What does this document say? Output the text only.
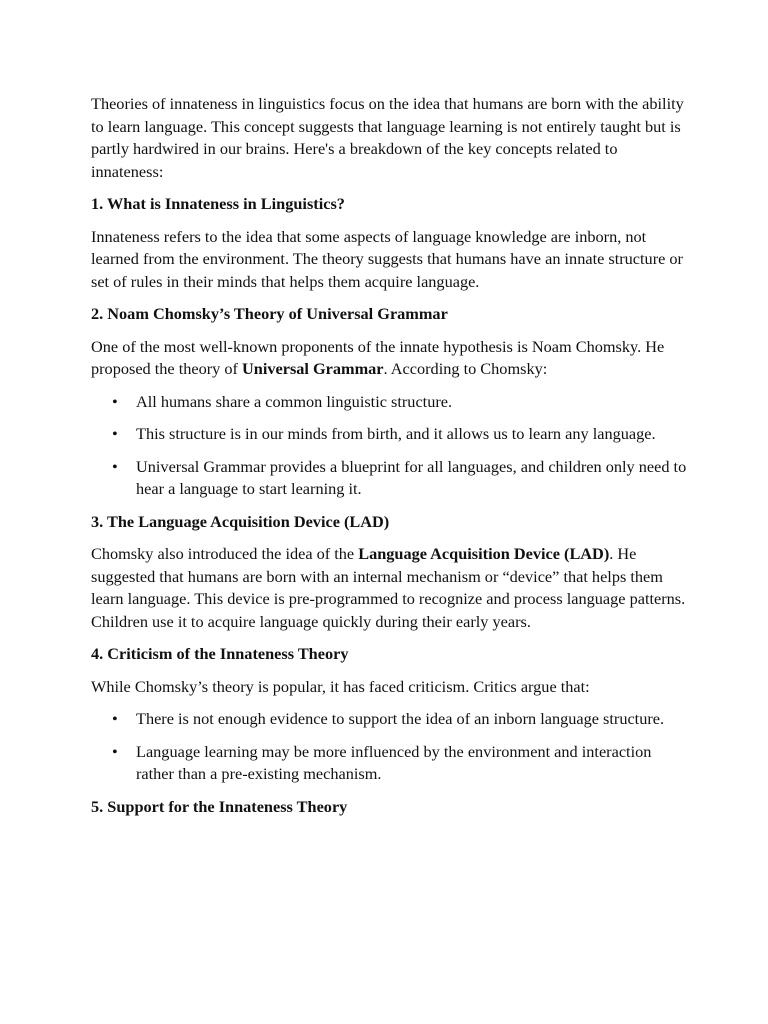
Theories of innateness in linguistics focus on the idea that humans are born with the ability to learn language. This concept suggests that language learning is not entirely taught but is partly hardwired in our brains. Here's a breakdown of the key concepts related to innateness:

1. What is Innateness in Linguistics?

Innateness refers to the idea that some aspects of language knowledge are inborn, not learned from the environment. The theory suggests that humans have an innate structure or set of rules in their minds that helps them acquire language.

2. Noam Chomsky’s Theory of Universal Grammar

One of the most well-known proponents of the innate hypothesis is Noam Chomsky. He proposed the theory of Universal Grammar. According to Chomsky:

• All humans share a common linguistic structure.
• This structure is in our minds from birth, and it allows us to learn any language.
• Universal Grammar provides a blueprint for all languages, and children only need to hear a language to start learning it.
3. The Language Acquisition Device (LAD)

Chomsky also introduced the idea of the Language Acquisition Device (LAD). He suggested that humans are born with an internal mechanism or “device” that helps them learn language. This device is pre-programmed to recognize and process language patterns. Children use it to acquire language quickly during their early years.

4. Criticism of the Innateness Theory

While Chomsky’s theory is popular, it has faced criticism. Critics argue that:

• There is not enough evidence to support the idea of an inborn language structure.
• Language learning may be more influenced by the environment and interaction rather than a pre-existing mechanism.
5. Support for the Innateness Theory
